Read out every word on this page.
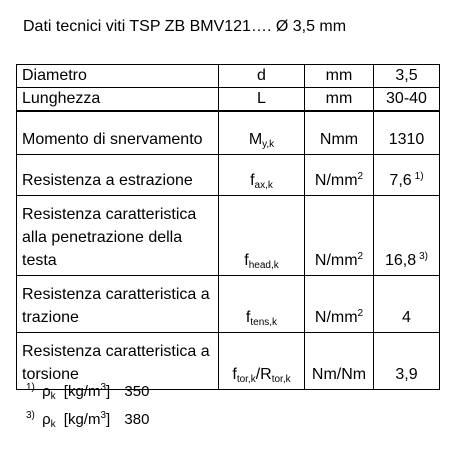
Dati tecnici viti TSP ZB BMV121…. Ø 3,5 mm
Diametro	d	mm	3,5
Lunghezza	L	mm	30-40
Momento di snervamento	$M_{y,k}$	Nmm	1310
Resistenza a estrazione	$f_{ax,k}$	$N/mm^2$	7,6 $^{1)}$
Resistenza caratteristica alla penetrazione della testa	$f_{head,k}$	$N/mm^2$	16,8 $^{3)}$
Resistenza caratteristica a trazione	$f_{tens,k}$	$N/mm^2$	4
Resistenza caratteristica a torsione	$f_{tor,k}/R_{tor,k}$	Nm/Nm	3,9
$^{1)}$ $\rho_k$ $[kg/m^3]$ 350
$^{3)}$ $\rho_k$ $[kg/m^3]$ 380
